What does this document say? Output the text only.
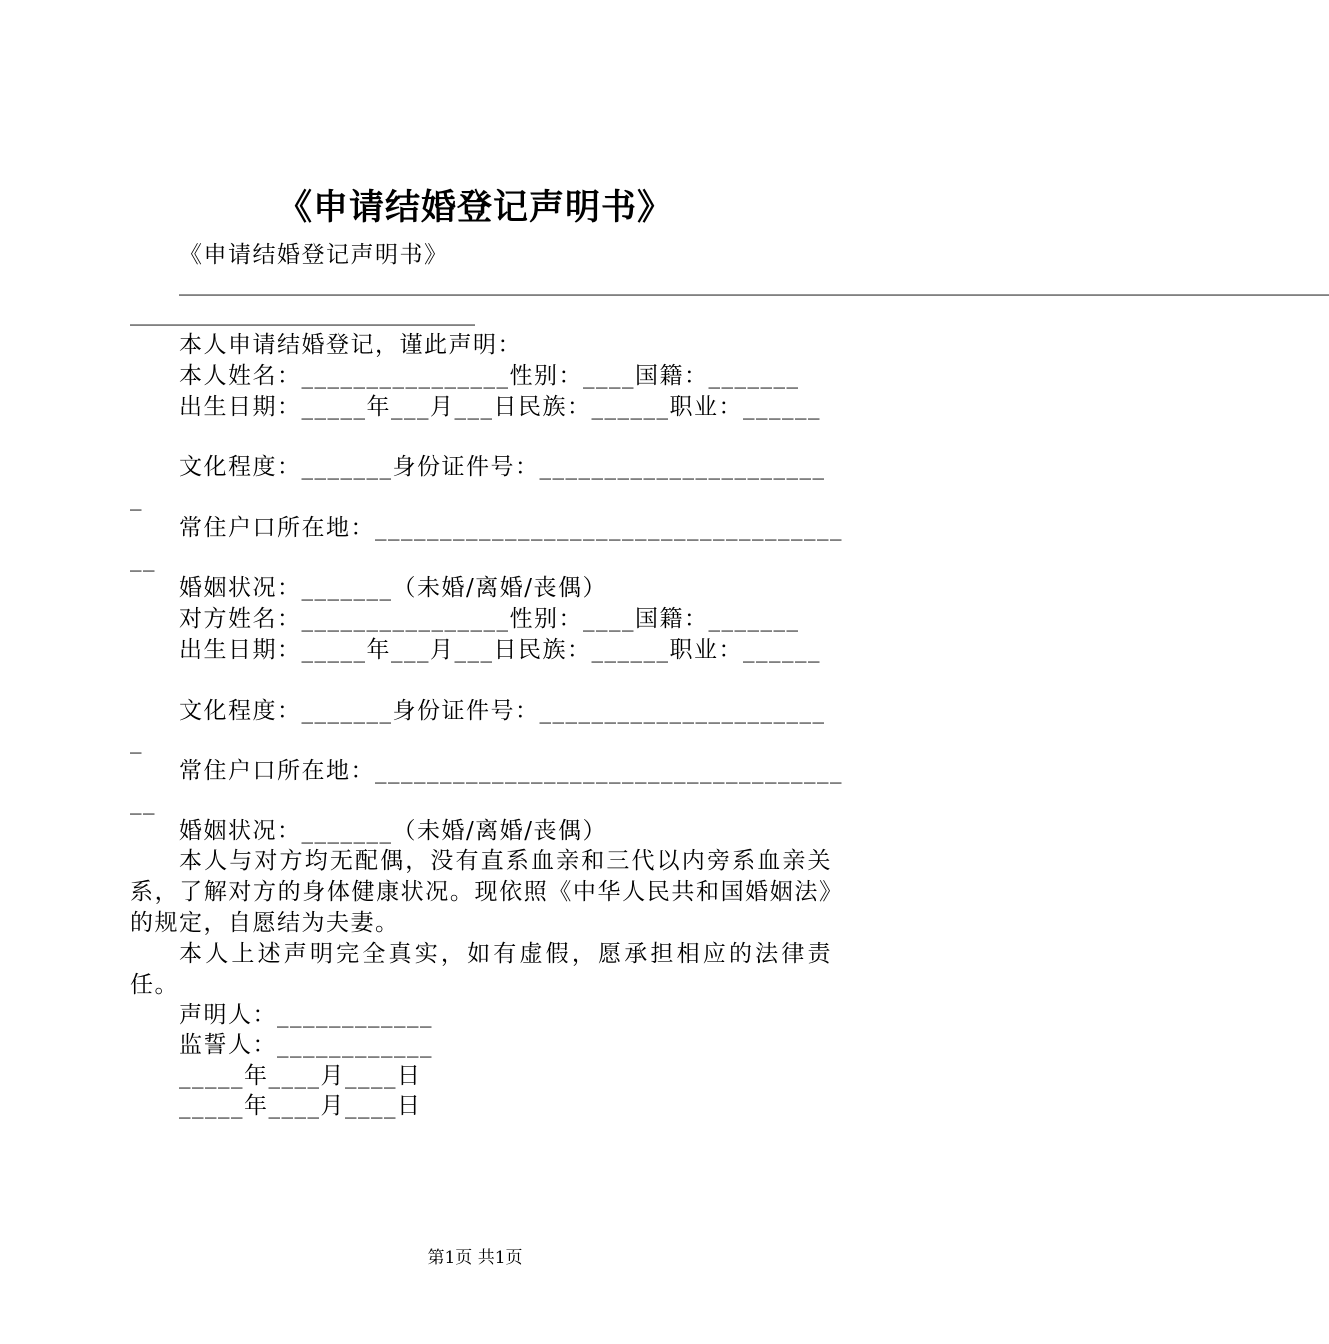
《申请结婚登记声明书》
《申请结婚登记声明书》
____________________________________________________________________________________________________
______________________________
本人申请结婚登记，谨此声明：
本人姓名：________________性别：____国籍：_______
出生日期：_____年___月___日民族：______职业：______
文化程度：_______身份证件号：______________________
_
常住户口所在地：____________________________________
__
婚姻状况：_______（未婚/离婚/丧偶）
对方姓名：________________性别：____国籍：_______
出生日期：_____年___月___日民族：______职业：______
文化程度：_______身份证件号：______________________
_
常住户口所在地：____________________________________
__
婚姻状况：_______（未婚/离婚/丧偶）
本人与对方均无配偶，没有直系血亲和三代以内旁系血亲关系，了解对方的身体健康状况。现依照《中华人民共和国婚姻法》的规定，自愿结为夫妻。
本人上述声明完全真实，如有虚假，愿承担相应的法律责任。
声明人：____________
监誓人：____________
_____年____月____日
_____年____月____日
第1页 共1页
